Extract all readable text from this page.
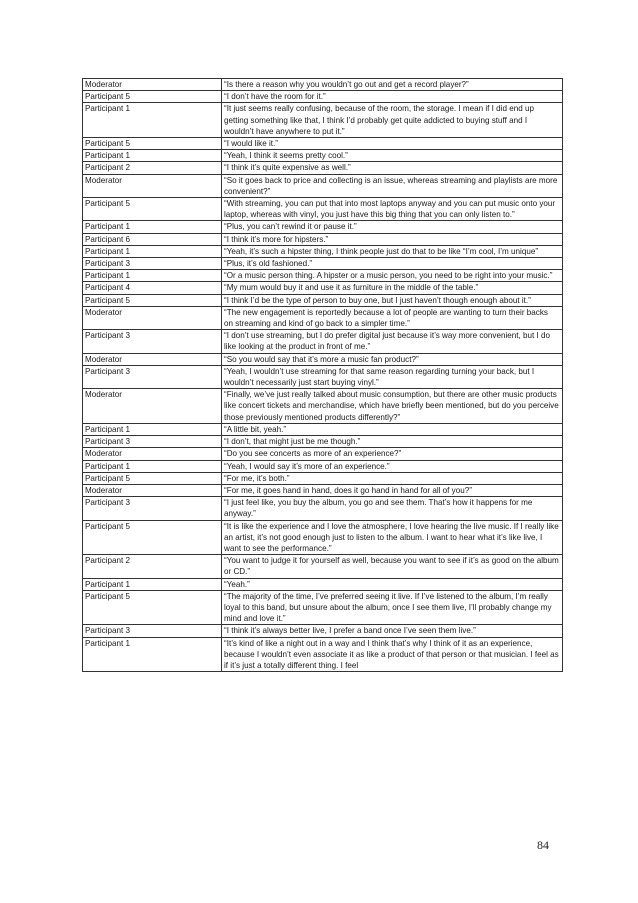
Moderator	“Is there a reason why you wouldn’t go out and get a record player?”
Participant 5	“I don’t have the room for it.”
Participant 1	“It just seems really confusing, because of the room, the storage. I mean if I did end up getting something like that, I think I’d probably get quite addicted to buying stuff and I wouldn’t have anywhere to put it.”
Participant 5	“I would like it.”
Participant 1	“Yeah, I think it seems pretty cool.”
Participant 2	“I think it’s quite expensive as well.”
Moderator	“So it goes back to price and collecting is an issue, whereas streaming and playlists are more convenient?”
Participant 5	“With streaming, you can put that into most laptops anyway and you can put music onto your laptop, whereas with vinyl, you just have this big thing that you can only listen to.”
Participant 1	“Plus, you can’t rewind it or pause it.”
Participant 6	“I think it’s more for hipsters.”
Participant 1	“Yeah, it’s such a hipster thing, I think people just do that to be like “I’m cool, I’m unique”
Participant 3	“Plus, it’s old fashioned.”
Participant 1	“Or a music person thing. A hipster or a music person, you need to be right into your music.”
Participant 4	“My mum would buy it and use it as furniture in the middle of the table.”
Participant 5	“I think I’d be the type of person to buy one, but I just haven’t though enough about it.”
Moderator	“The new engagement is reportedly because a lot of people are wanting to turn their backs on streaming and kind of go back to a simpler time.”
Participant 3	“I don’t use streaming, but I do prefer digital just because it’s way more convenient, but I do like looking at the product in front of me.”
Moderator	“So you would say that it’s more a music fan product?”
Participant 3	“Yeah, I wouldn’t use streaming for that same reason regarding turning your back, but I wouldn’t necessarily just start buying vinyl.”
Moderator	“Finally, we’ve just really talked about music consumption, but there are other music products like concert tickets and merchandise, which have briefly been mentioned, but do you perceive those previously mentioned products differently?”
Participant 1	“A little bit, yeah.”
Participant 3	“I don’t, that might just be me though.”
Moderator	“Do you see concerts as more of an experience?”
Participant 1	“Yeah, I would say it’s more of an experience.”
Participant 5	“For me, it’s both.”
Moderator	“For me, it goes hand in hand, does it go hand in hand for all of you?”
Participant 3	“I just feel like, you buy the album, you go and see them. That’s how it happens for me anyway.”
Participant 5	“It is like the experience and I love the atmosphere, I love hearing the live music. If I really like an artist, it’s not good enough just to listen to the album. I want to hear what it’s like live, I want to see the performance.”
Participant 2	“You want to judge it for yourself as well, because you want to see if it’s as good on the album or CD.”
Participant 1	“Yeah.”
Participant 5	“The majority of the time, I’ve preferred seeing it live. If I’ve listened to the album, I’m really loyal to this band, but unsure about the album, once I see them live, I’ll probably change my mind and love it.”
Participant 3	“I think it’s always better live, I prefer a band once I’ve seen them live.”
Participant 1	“It’s kind of like a night out in a way and I think that’s why I think of it as an experience, because I wouldn’t even associate it as like a product of that person or that musician. I feel as if it’s just a totally different thing. I feel
84
